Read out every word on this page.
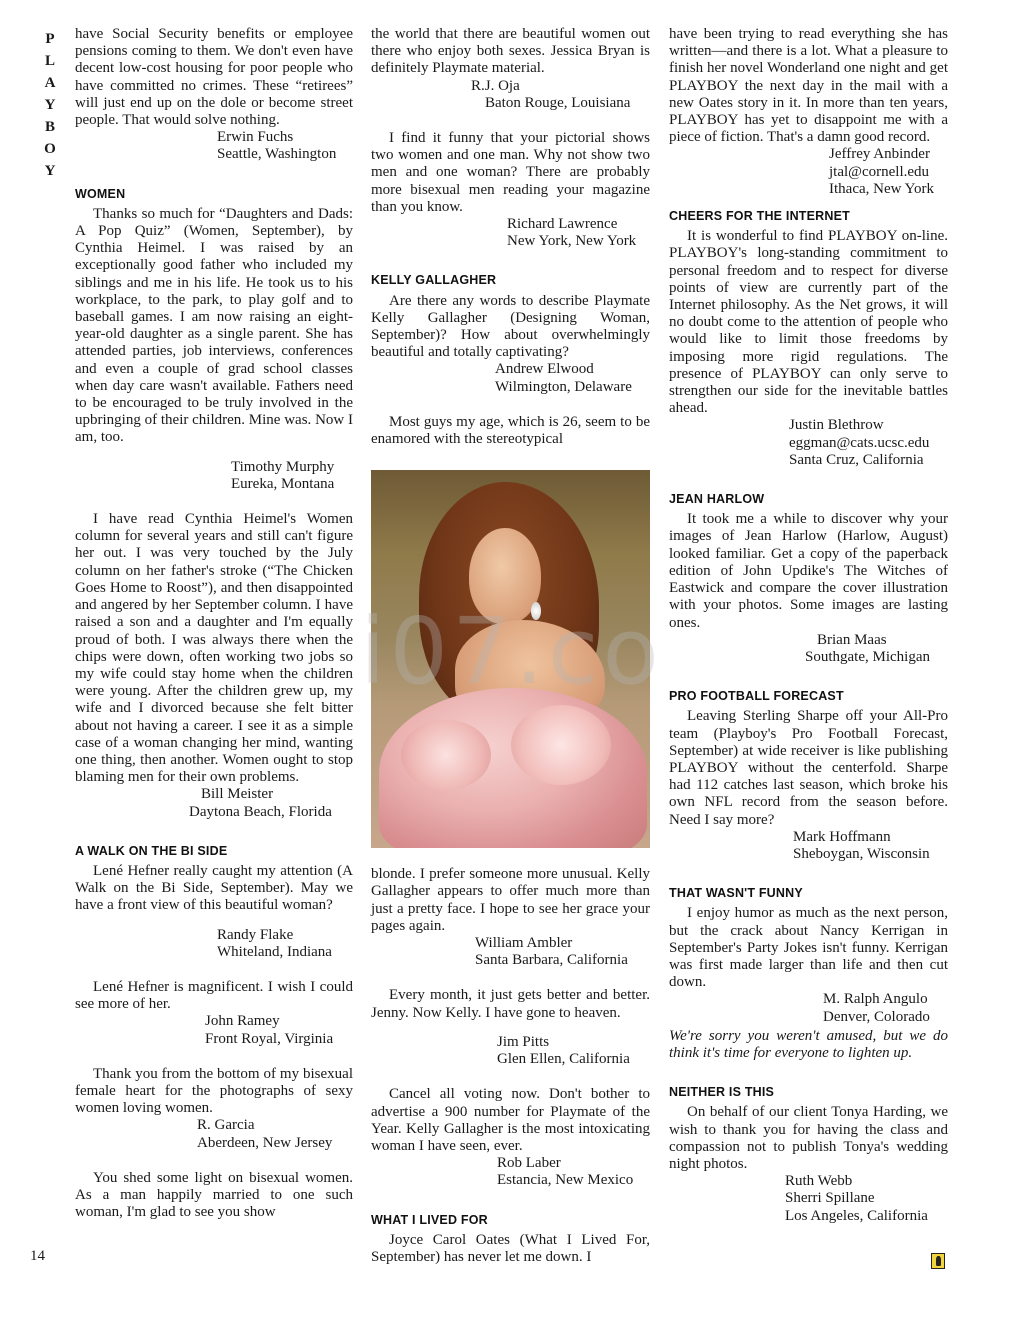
P
L
A
Y
B
O
Y

have Social Security benefits or employee pensions coming to them. We don't even have decent low-cost housing for poor people who have committed no crimes. These “retirees” will just end up on the dole or become street people. That would solve nothing.

Erwin Fuchs
Seattle, Washington
WOMEN

Thanks so much for “Daughters and Dads: A Pop Quiz” (Women, September), by Cynthia Heimel. I was raised by an exceptionally good father who included my siblings and me in his life. He took us to his workplace, to the park, to play golf and to baseball games. I am now raising an eight-year-old daughter as a single parent. She has attended parties, job interviews, conferences and even a couple of grad school classes when day care wasn't available. Fathers need to be encouraged to be truly involved in the upbringing of their children. Mine was. Now I am, too.

Timothy Murphy
Eureka, Montana

I have read Cynthia Heimel's Women column for several years and still can't figure her out. I was very touched by the July column on her father's stroke (“The Chicken Goes Home to Roost”), and then disappointed and angered by her September column. I have raised a son and a daughter and I'm equally proud of both. I was always there when the chips were down, often working two jobs so my wife could stay home when the children were young. After the children grew up, my wife and I divorced because she felt bitter about not having a career. I see it as a simple case of a woman changing her mind, wanting one thing, then another. Women ought to stop blaming men for their own problems.

Bill Meister
Daytona Beach, Florida
A WALK ON THE BI SIDE

Lené Hefner really caught my attention (A Walk on the Bi Side, September). May we have a front view of this beautiful woman?

Randy Flake
Whiteland, Indiana

Lené Hefner is magnificent. I wish I could see more of her.

John Ramey
Front Royal, Virginia

Thank you from the bottom of my bisexual female heart for the photographs of sexy women loving women.

R. Garcia
Aberdeen, New Jersey

You shed some light on bisexual women. As a man happily married to one such woman, I'm glad to see you show

the world that there are beautiful women out there who enjoy both sexes. Jessica Bryan is definitely Playmate material.

R.J. Oja
Baton Rouge, Louisiana

I find it funny that your pictorial shows two women and one man. Why not show two men and one woman? There are probably more bisexual men reading your magazine than you know.

Richard Lawrence
New York, New York
KELLY GALLAGHER

Are there any words to describe Playmate Kelly Gallagher (Designing Woman, September)? How about overwhelmingly beautiful and totally captivating?

Andrew Elwood
Wilmington, Delaware

Most guys my age, which is 26, seem to be enamored with the stereotypical

blonde. I prefer someone more unusual. Kelly Gallagher appears to offer much more than just a pretty face. I hope to see her grace your pages again.

William Ambler
Santa Barbara, California

Every month, it just gets better and better. Jenny. Now Kelly. I have gone to heaven.

Jim Pitts
Glen Ellen, California

Cancel all voting now. Don't bother to advertise a 900 number for Playmate of the Year. Kelly Gallagher is the most intoxicating woman I have seen, ever.

Rob Laber
Estancia, New Mexico
WHAT I LIVED FOR

Joyce Carol Oates (What I Lived For, September) has never let me down. I

have been trying to read everything she has written—and there is a lot. What a pleasure to finish her novel Wonderland one night and get PLAYBOY the next day in the mail with a new Oates story in it. In more than ten years, PLAYBOY has yet to disappoint me with a piece of fiction. That's a damn good record.

Jeffrey Anbinder
jtal@cornell.edu
Ithaca, New York
CHEERS FOR THE INTERNET

It is wonderful to find PLAYBOY on-line. PLAYBOY's long-standing commitment to personal freedom and to respect for diverse points of view are currently part of the Internet philosophy. As the Net grows, it will no doubt come to the attention of people who would like to limit those freedoms by imposing more rigid regulations. The presence of PLAYBOY can only serve to strengthen our side for the inevitable battles ahead.

Justin Blethrow
eggman@cats.ucsc.edu
Santa Cruz, California
JEAN HARLOW

It took me a while to discover why your images of Jean Harlow (Harlow, August) looked familiar. Get a copy of the paperback edition of John Updike's The Witches of Eastwick and compare the cover illustration with your photos. Some images are lasting ones.

Brian Maas
Southgate, Michigan
PRO FOOTBALL FORECAST

Leaving Sterling Sharpe off your All-Pro team (Playboy's Pro Football Forecast, September) at wide receiver is like publishing PLAYBOY without the centerfold. Sharpe had 112 catches last season, which broke his own NFL record from the season before. Need I say more?

Mark Hoffmann
Sheboygan, Wisconsin
THAT WASN'T FUNNY

I enjoy humor as much as the next person, but the crack about Nancy Kerrigan in September's Party Jokes isn't funny. Kerrigan was first made larger than life and then cut down.

M. Ralph Angulo
Denver, Colorado

We're sorry you weren't amused, but we do think it's time for everyone to lighten up.

NEITHER IS THIS

On behalf of our client Tonya Harding, we wish to thank you for having the class and compassion not to publish Tonya's wedding night photos.

Ruth Webb
Sherri Spillane
Los Angeles, California
i07.co
14
